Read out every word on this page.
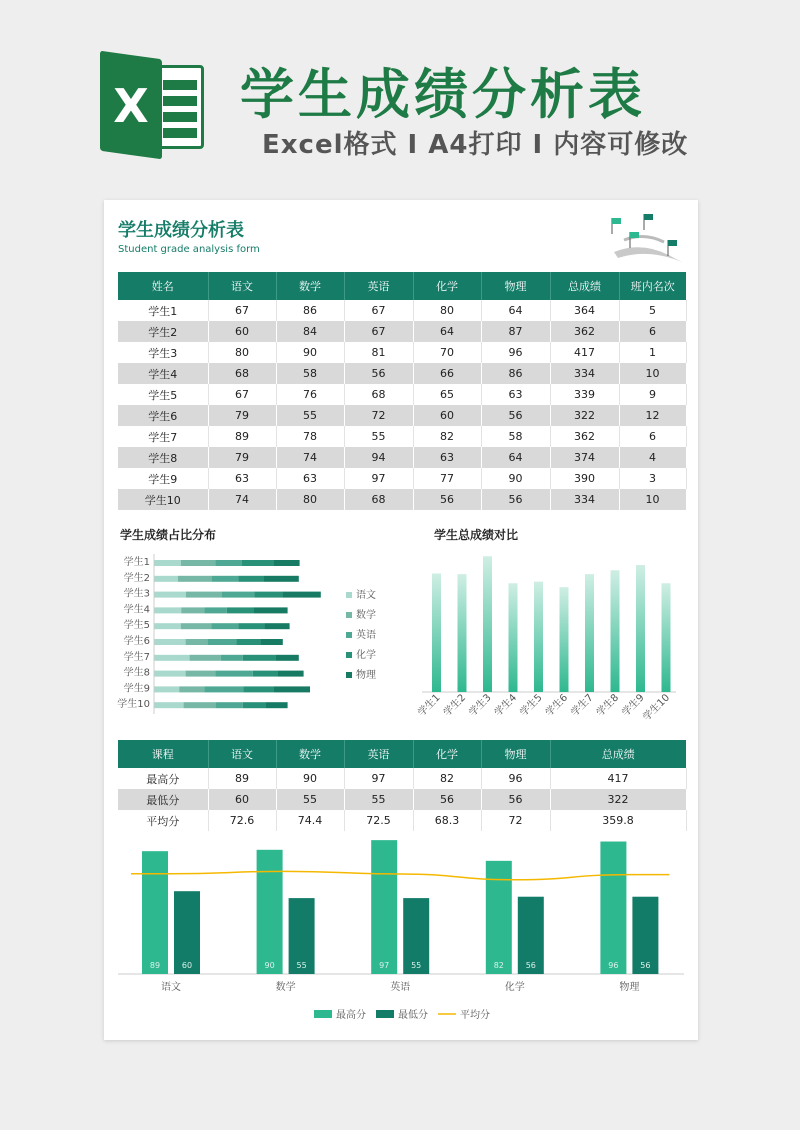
X 学生成绩分析表
Excel格式 I A4打印 I 内容可修改
学生成绩分析表
Student grade analysis form
姓名	语文	数学	英语	化学	物理	总成绩	班内名次
学生1	67	86	67	80	64	364	5
学生2	60	84	67	64	87	362	6
学生3	80	90	81	70	96	417	1
学生4	68	58	56	66	86	334	10
学生5	67	76	68	65	63	339	9
学生6	79	55	72	60	56	322	12
学生7	89	78	55	82	58	362	6
学生8	79	74	94	63	64	374	4
学生9	63	63	97	77	90	390	3
学生10	74	80	68	56	56	334	10
学生成绩占比分布	学生总成绩对比
学生1
学生2
学生3
学生4
学生5
学生6
学生7
学生8
学生9
学生10
语文
数学
英语
化学
物理
学生1 学生2 学生3 学生4 学生5 学生6 学生7 学生8 学生9
学生10
课程	语文	数学	英语	化学	物理	总成绩
最高分	89	90	97	82	96	417
最低分	60	55	55	56	56	322
平均分	72.6	74.4	72.5	68.3	72	359.8
89	60
语文
90	55
数学
97	55
英语
82	56
化学
96	56
物理
最高分	最低分	平均分
